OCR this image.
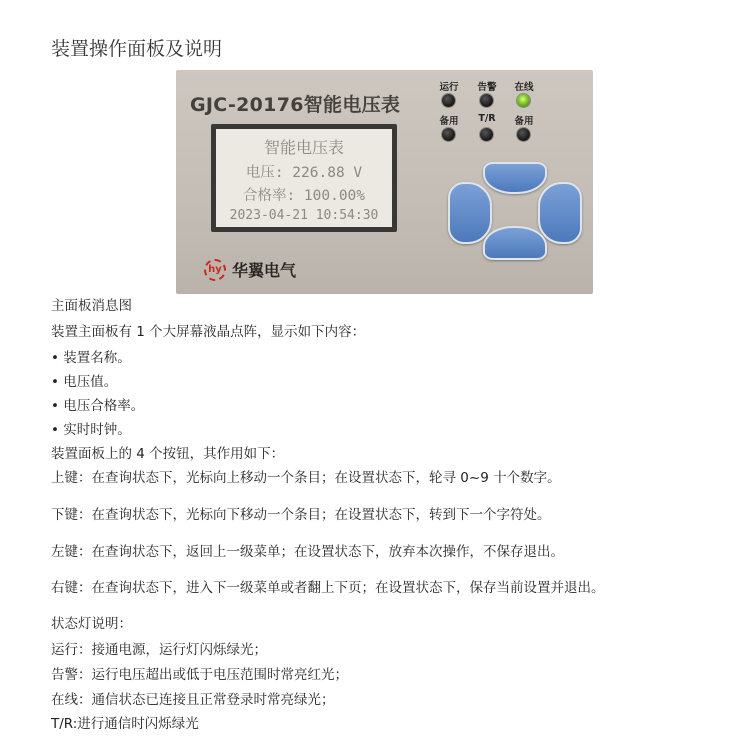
装置操作面板及说明
GJC-20176智能电压表
智能电压表
电压: 226.88 V
合格率: 100.00%
2023-04-21 10:54:30
运行	告警	在线
备用	T/R	备用
hy 华翼电气

主面板消息图

装置主面板有 1 个大屏幕液晶点阵，显示如下内容：

• 装置名称。

• 电压值。

• 电压合格率。

• 实时时钟。

装置面板上的 4 个按钮，其作用如下：

上键：在查询状态下，光标向上移动一个条目；在设置状态下，轮寻 0~9 十个数字。

下键：在查询状态下，光标向下移动一个条目；在设置状态下，转到下一个字符处。

左键：在查询状态下，返回上一级菜单；在设置状态下，放弃本次操作，不保存退出。

右键：在查询状态下，进入下一级菜单或者翻上下页；在设置状态下，保存当前设置并退出。

状态灯说明：

运行：接通电源，运行灯闪烁绿光；

告警：运行电压超出或低于电压范围时常亮红光；

在线：通信状态已连接且正常登录时常亮绿光；

T/R:进行通信时闪烁绿光
